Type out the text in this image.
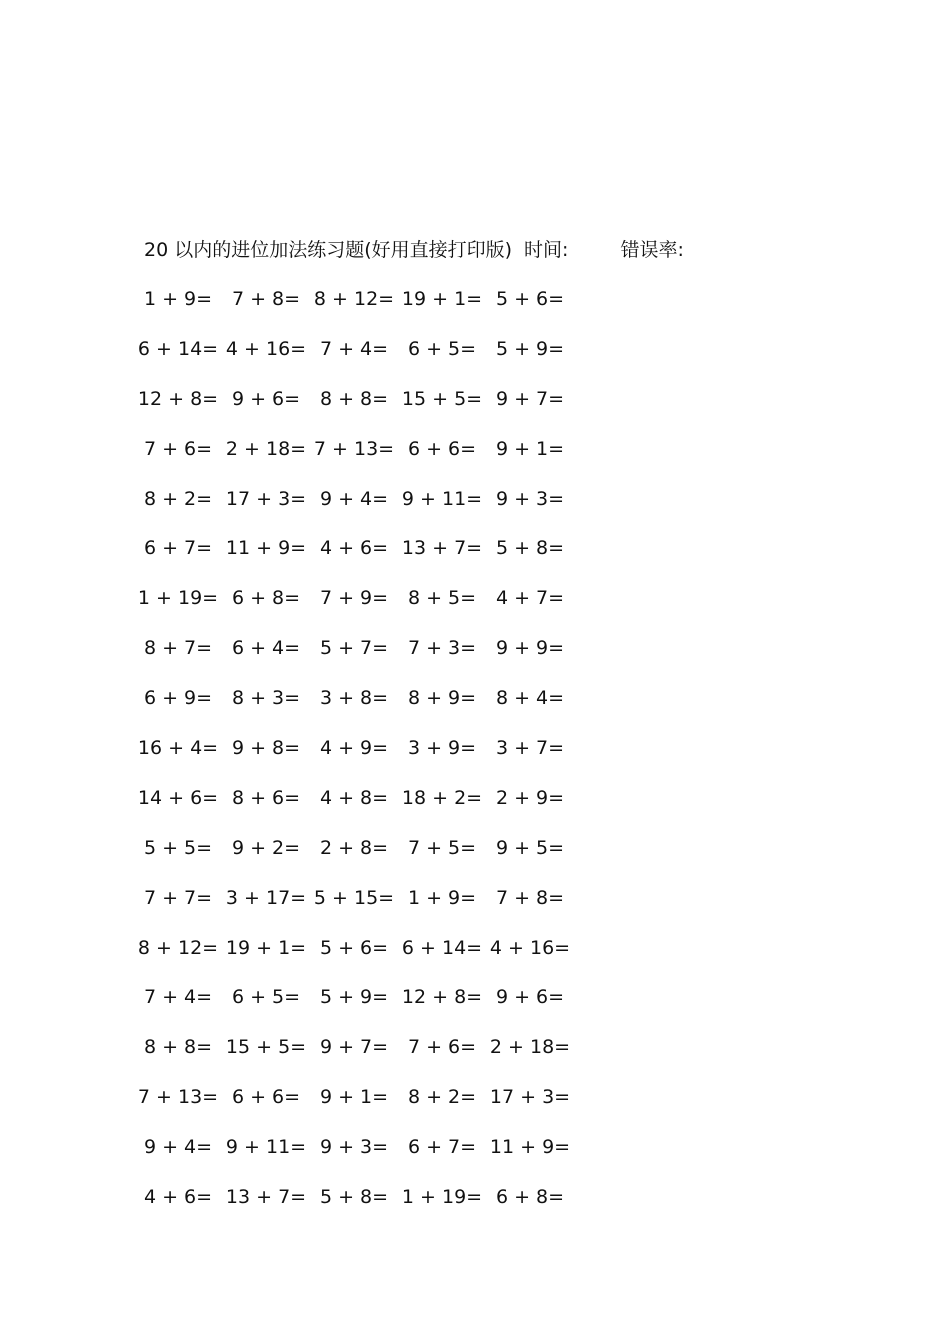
20 以内的进位加法练习题(好用直接打印版) 时间:	错误率:
1 + 9=	7 + 8= 8 + 12= 19 + 1= 5 + 6=
6 + 14= 4 + 16= 7 + 4=	6 + 5=	5 + 9=
12 + 8= 9 + 6=	8 + 8= 15 + 5= 9 + 7=
7 + 6= 2 + 18= 7 + 13= 6 + 6=	9 + 1=
8 + 2= 17 + 3= 9 + 4= 9 + 11= 9 + 3=
6 + 7= 11 + 9= 4 + 6= 13 + 7= 5 + 8=
1 + 19= 6 + 8=	7 + 9=	8 + 5=	4 + 7=
8 + 7=	6 + 4=	5 + 7=	7 + 3=	9 + 9=
6 + 9=	8 + 3=	3 + 8=	8 + 9=	8 + 4=
16 + 4= 9 + 8=	4 + 9=	3 + 9=	3 + 7=
14 + 6= 8 + 6=	4 + 8= 18 + 2= 2 + 9=
5 + 5=	9 + 2=	2 + 8=	7 + 5=	9 + 5=
7 + 7= 3 + 17= 5 + 15= 1 + 9=	7 + 8=
8 + 12= 19 + 1= 5 + 6= 6 + 14= 4 + 16=
7 + 4=	6 + 5=	5 + 9= 12 + 8= 9 + 6=
8 + 8= 15 + 5= 9 + 7=	7 + 6= 2 + 18=
7 + 13= 6 + 6=	9 + 1=	8 + 2= 17 + 3=
9 + 4= 9 + 11= 9 + 3=	6 + 7= 11 + 9=
4 + 6= 13 + 7= 5 + 8= 1 + 19= 6 + 8=
